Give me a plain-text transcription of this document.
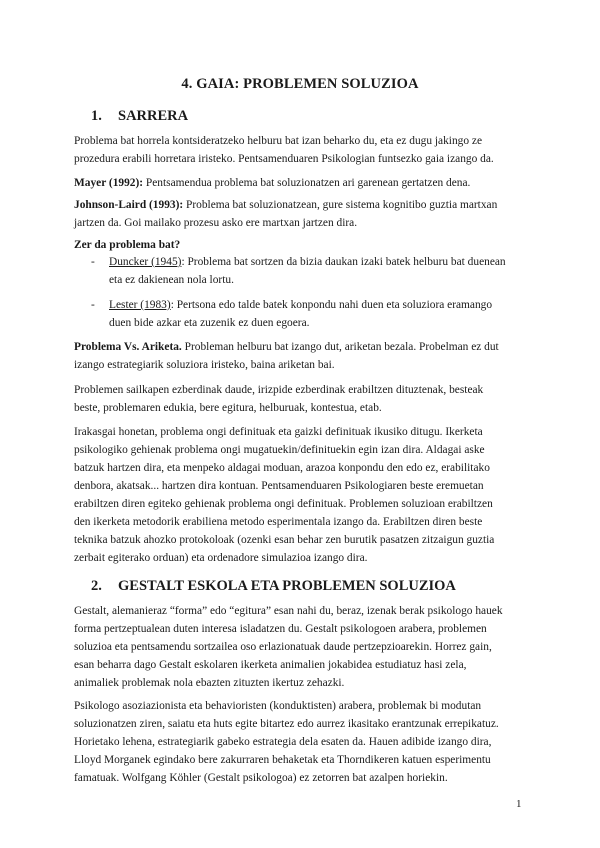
4. GAIA: PROBLEMEN SOLUZIOA
1. SARRERA
Problema bat horrela kontsideratzeko helburu bat izan beharko du, eta ez dugu jakingo ze
prozedura erabili horretara iristeko. Pentsamenduaren Psikologian funtsezko gaia izango da.
Mayer (1992): Pentsamendua problema bat soluzionatzen ari garenean gertatzen dena.
Johnson-Laird (1993): Problema bat soluzionatzean, gure sistema kognitibo guztia martxan
jartzen da. Goi mailako prozesu asko ere martxan jartzen dira.
Zer da problema bat?
-	Duncker (1945): Problema bat sortzen da bizia daukan izaki batek helburu bat duenean
eta ez dakienean nola lortu.
-	Lester (1983): Pertsona edo talde batek konpondu nahi duen eta soluziora eramango
duen bide azkar eta zuzenik ez duen egoera.
Problema Vs. Ariketa. Probleman helburu bat izango dut, ariketan bezala. Probelman ez dut
izango estrategiarik soluziora iristeko, baina ariketan bai.
Problemen sailkapen ezberdinak daude, irizpide ezberdinak erabiltzen dituztenak, besteak
beste, problemaren edukia, bere egitura, helburuak, kontestua, etab.
Irakasgai honetan, problema ongi definituak eta gaizki definituak ikusiko ditugu. Ikerketa
psikologiko gehienak problema ongi mugatuekin/definituekin egin izan dira. Aldagai aske
batzuk hartzen dira, eta menpeko aldagai moduan, arazoa konpondu den edo ez, erabilitako
denbora, akatsak... hartzen dira kontuan. Pentsamenduaren Psikologiaren beste eremuetan
erabiltzen diren egiteko gehienak problema ongi definituak. Problemen soluzioan erabiltzen
den ikerketa metodorik erabiliena metodo esperimentala izango da. Erabiltzen diren beste
teknika batzuk ahozko protokoloak (ozenki esan behar zen burutik pasatzen zitzaigun guztia
zerbait egiterako orduan) eta ordenadore simulazioa izango dira.
2. GESTALT ESKOLA ETA PROBLEMEN SOLUZIOA
Gestalt, alemanieraz “forma” edo “egitura” esan nahi du, beraz, izenak berak psikologo hauek
forma pertzeptualean duten interesa isladatzen du. Gestalt psikologoen arabera, problemen
soluzioa eta pentsamendu sortzailea oso erlazionatuak daude pertzepzioarekin. Horrez gain,
esan beharra dago Gestalt eskolaren ikerketa animalien jokabidea estudiatuz hasi zela,
animaliek problemak nola ebazten zituzten ikertuz zehazki.
Psikologo asoziazionista eta behavioristen (konduktisten) arabera, problemak bi modutan
soluzionatzen ziren, saiatu eta huts egite bitartez edo aurrez ikasitako erantzunak errepikatuz.
Horietako lehena, estrategiarik gabeko estrategia dela esaten da. Hauen adibide izango dira,
Lloyd Morganek egindako bere zakurraren behaketak eta Thorndikeren katuen esperimentu
famatuak. Wolfgang Köhler (Gestalt psikologoa) ez zetorren bat azalpen horiekin.
1
